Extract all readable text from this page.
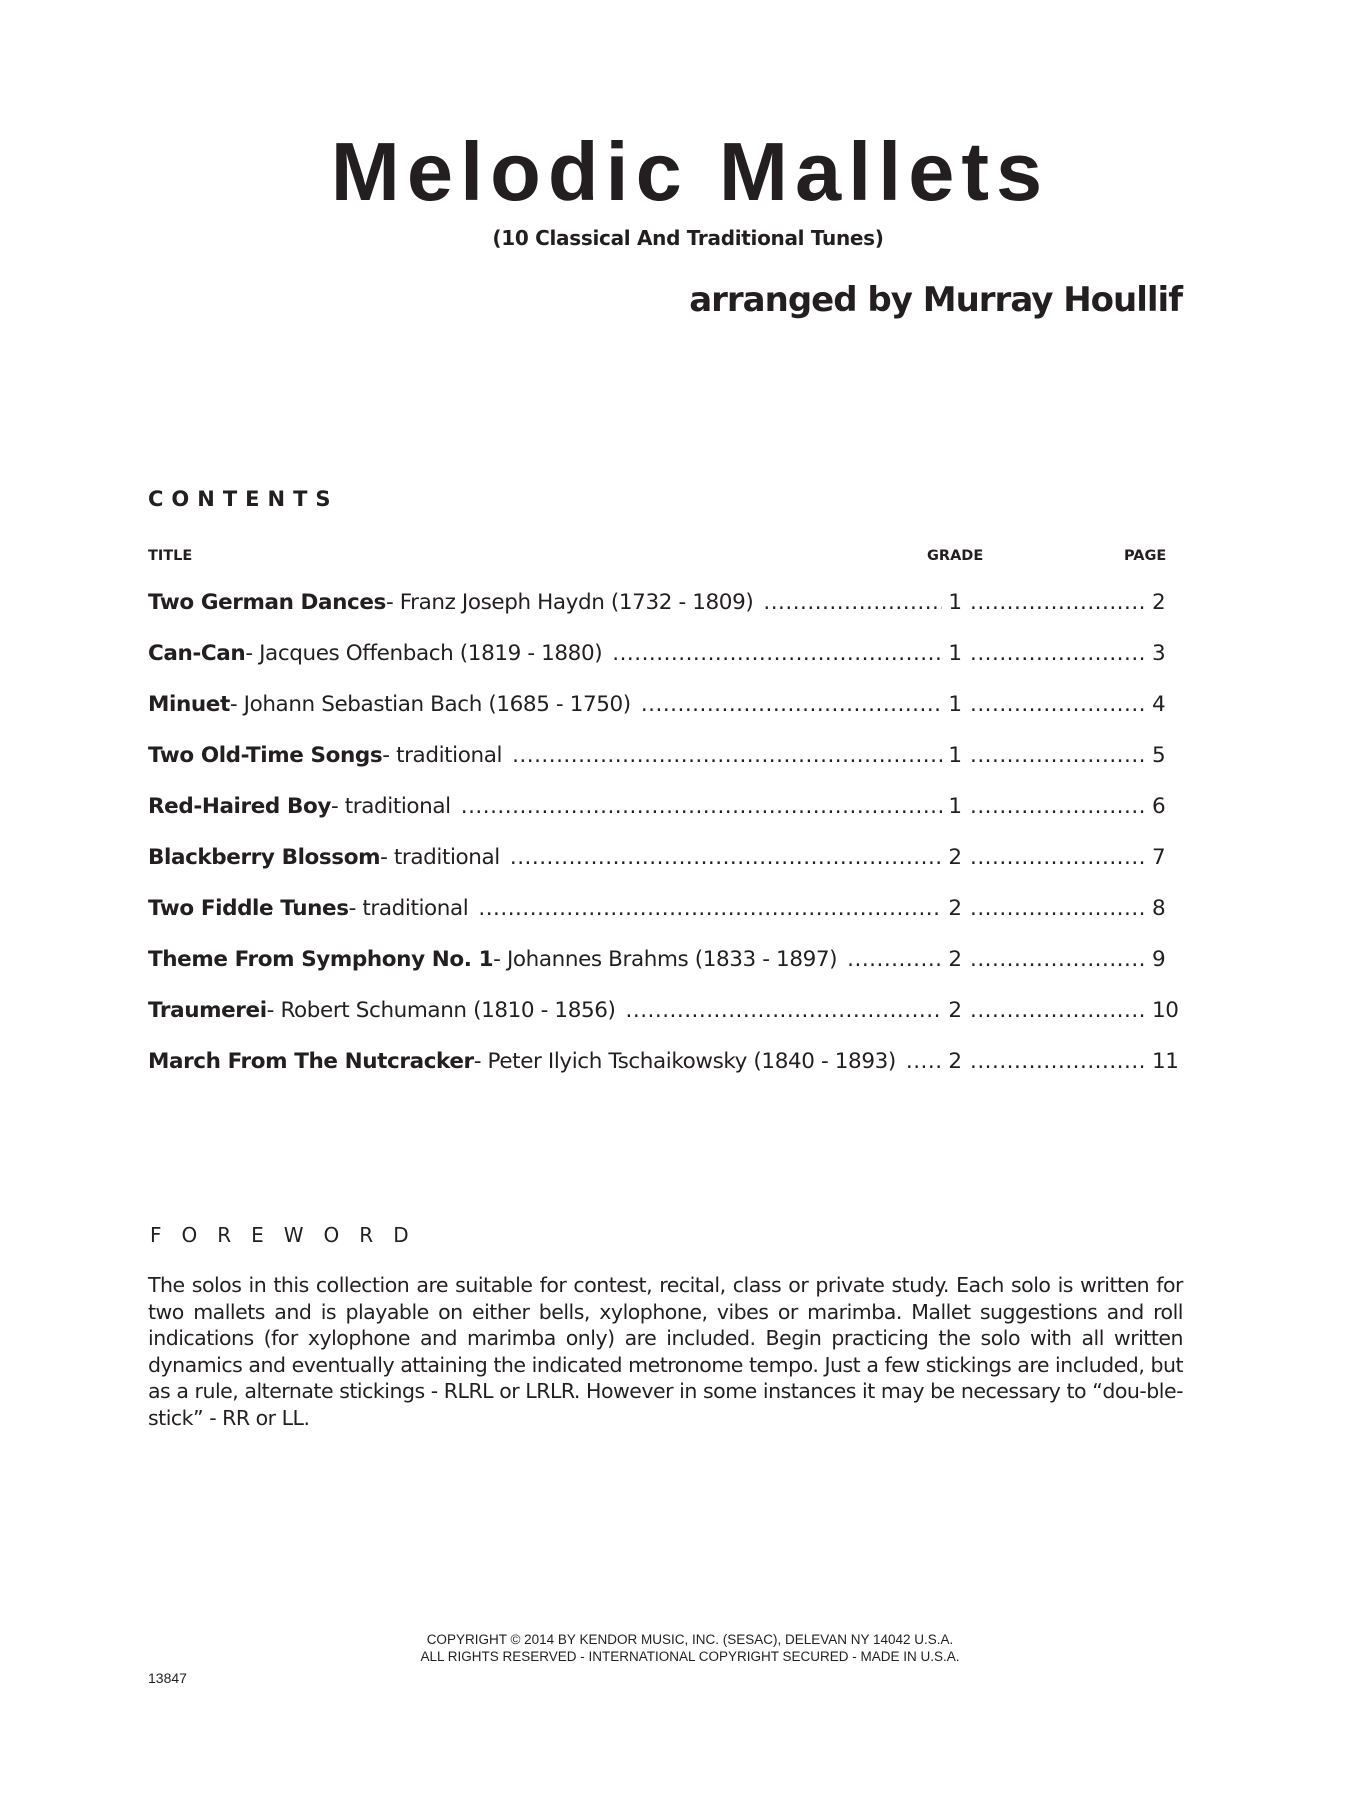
Melodic Mallets
(10 Classical And Traditional Tunes)
arranged by Murray Houllif
CONTENTS
TITLE	GRADE	PAGE
Two German Dances - Franz Joseph Haydn (1732 - 1809) .....	1 .....	2
Can-Can - Jacques Offenbach (1819 - 1880) .....	1 .....	3
Minuet - Johann Sebastian Bach (1685 - 1750) .....	1 .....	4
Two Old-Time Songs - traditional .....	1 .....	5
Red-Haired Boy - traditional .....	1 .....	6
Blackberry Blossom - traditional .....	2 .....	7
Two Fiddle Tunes - traditional .....	2 .....	8
Theme From Symphony No. 1 - Johannes Brahms (1833 - 1897) .....	2 .....	9
Traumerei - Robert Schumann (1810 - 1856) .....	2 .....	10
March From The Nutcracker - Peter Ilyich Tschaikowsky (1840 - 1893) ..... 2 .....	11
FOREWORD
The solos in this collection are suitable for contest, recital, class or private study. Each solo is written for two mallets and is playable on either bells, xylophone, vibes or marimba. Mallet suggestions and roll indications (for xylophone and marimba only) are included. Begin practicing the solo with all written dynamics and eventually attaining the indicated metronome tempo. Just a few stickings are included, but as a rule, alternate stickings - RLRL or LRLR. However in some instances it may be necessary to “dou-ble-stick” - RR or LL.
COPYRIGHT © 2014 BY KENDOR MUSIC, INC. (SESAC), DELEVAN NY 14042 U.S.A.
ALL RIGHTS RESERVED - INTERNATIONAL COPYRIGHT SECURED - MADE IN U.S.A.
13847
